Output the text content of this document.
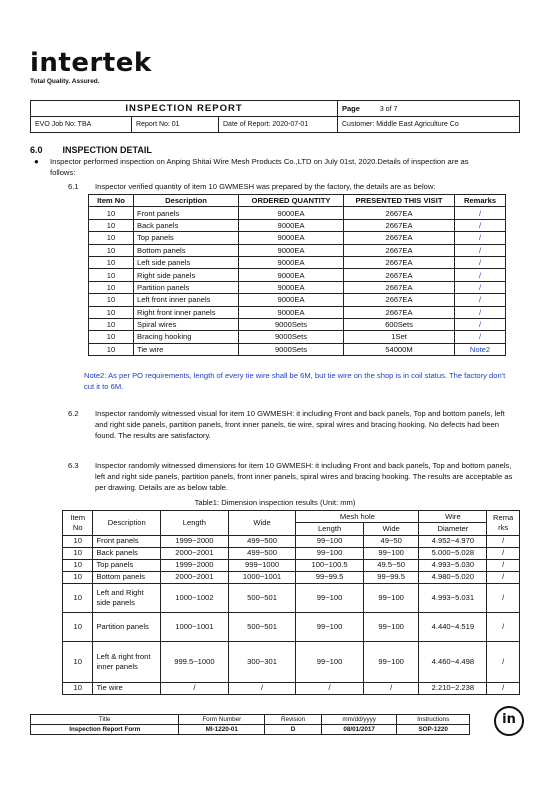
intertek
Total Quality. Assured.
INSPECTION REPORT			Page 3 of 7
EVO Job No: TBA	Report No: 01	Date of Report: 2020-07-01	Customer: Middle East Agriculture Co
6.0 INSPECTION DETAIL
● Inspector performed inspection on Anping Shitai Wire Mesh Products Co.,LTD on July 01st, 2020.Details of inspection are as follows:
6.1 Inspector verified quantity of item 10 GWMESH was prepared by the factory, the details are as below:
Item No	Description	ORDERED QUANTITY	PRESENTED THIS VISIT	Remarks
10	Front panels	9000EA	2667EA	/
10	Back panels	9000EA	2667EA	/
10	Top panels	9000EA	2667EA	/
10	Bottom panels	9000EA	2667EA	/
10	Left side panels	9000EA	2667EA	/
10	Right side panels	9000EA	2667EA	/
10	Partition panels	9000EA	2667EA	/
10	Left front inner panels	9000EA	2667EA	/
10	Right front inner panels	9000EA	2667EA	/
10	Spiral wires	9000Sets	600Sets	/
10	Bracing hooking	9000Sets	1Set	/
10	Tie wire	9000Sets	54000M	Note2
Note2: As per PO requirements, length of every tie wire shall be 6M, but tie wire on the shop is in coil status. The factory don't cut it to 6M.
6.2 Inspector randomly witnessed visual for item 10 GWMESH: it including Front and back panels, Top and bottom panels, left and right side panels, partition panels, front inner panels, tie wire, spiral wires and bracing hooking. No defects had been found. The results are satisfactory.
6.3 Inspector randomly witnessed dimensions for item 10 GWMESH: it including Front and back panels, Top and bottom panels, left and right side panels, partition panels, front inner panels, spiral wires and bracing hooking. The results are acceptable as per drawing. Details are as below table.
Table1: Dimension inspection results (Unit: mm)
Item No	Description	Length	Wide	Mesh hole		Wire	Rema rks
				Length	Wide	Diameter	
10	Front panels	1999~2000	499~500	99~100	49~50	4.952~4.970	/
10	Back panels	2000~2001	499~500	99~100	99~100	5.000~5.028	/
10	Top panels	1999~2000	999~1000	100~100.5	49.5~50	4.993~5.030	/
10	Bottom panels	2000~2001	1000~1001	99~99.5	99~99.5	4.980~5.020	/
10	Left and Right side panels	1000~1002	500~501	99~100	99~100	4.993~5.031	/
10	Partition panels	1000~1001	500~501	99~100	99~100	4.440~4.519	/
10	Left & right front inner panels	999.5~1000	300~301	99~100	99~100	4.460~4.498	/
10	Tie wire	/	/	/	/	2.210~2.238	/
Title	Form Number	Revision	mm/dd/yyyy	Instructions
Inspection Report Form	MI-1220-01	D	08/01/2017	SOP-1220
in
